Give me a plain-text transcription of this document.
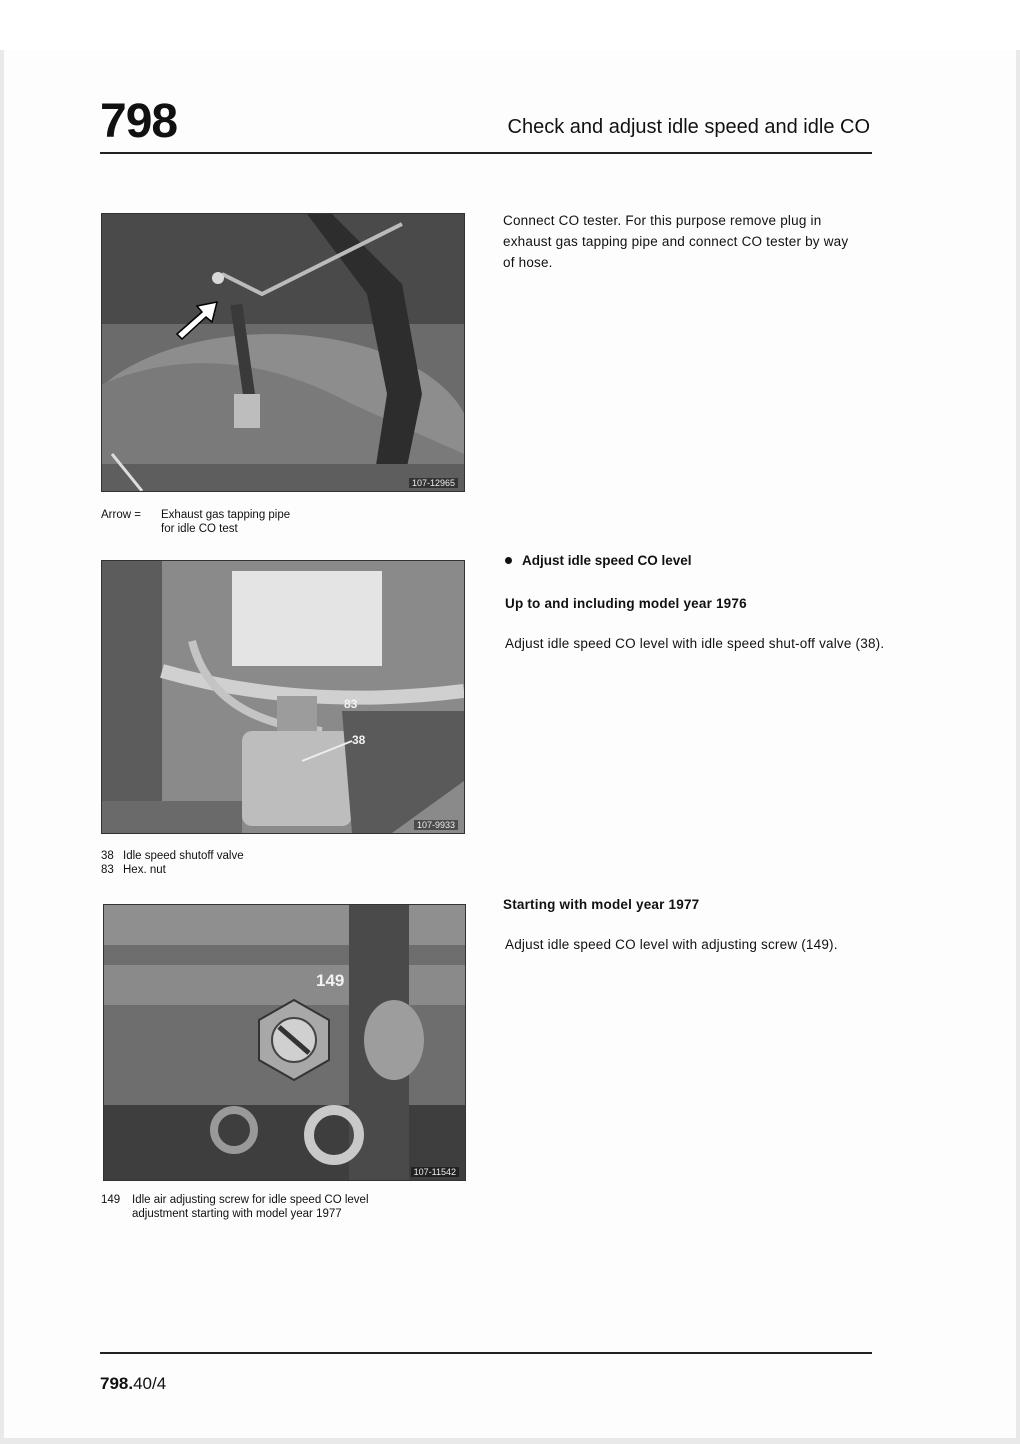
798	Check and adjust idle speed and idle CO
107-12965
Arrow =	Exhaust gas tapping pipe for idle CO test
83
38
107-9933
38 Idle speed shutoff valve
83 Hex. nut
149
107-11542
149	Idle air adjusting screw for idle speed CO level adjustment starting with model year 1977
Connect CO tester. For this purpose remove plug in exhaust gas tapping pipe and connect CO tester by way of hose.
Adjust idle speed CO level
Up to and including model year 1976
Adjust idle speed CO level with idle speed shut-off valve (38).
Starting with model year 1977
Adjust idle speed CO level with adjusting screw (149).
798.40/4
